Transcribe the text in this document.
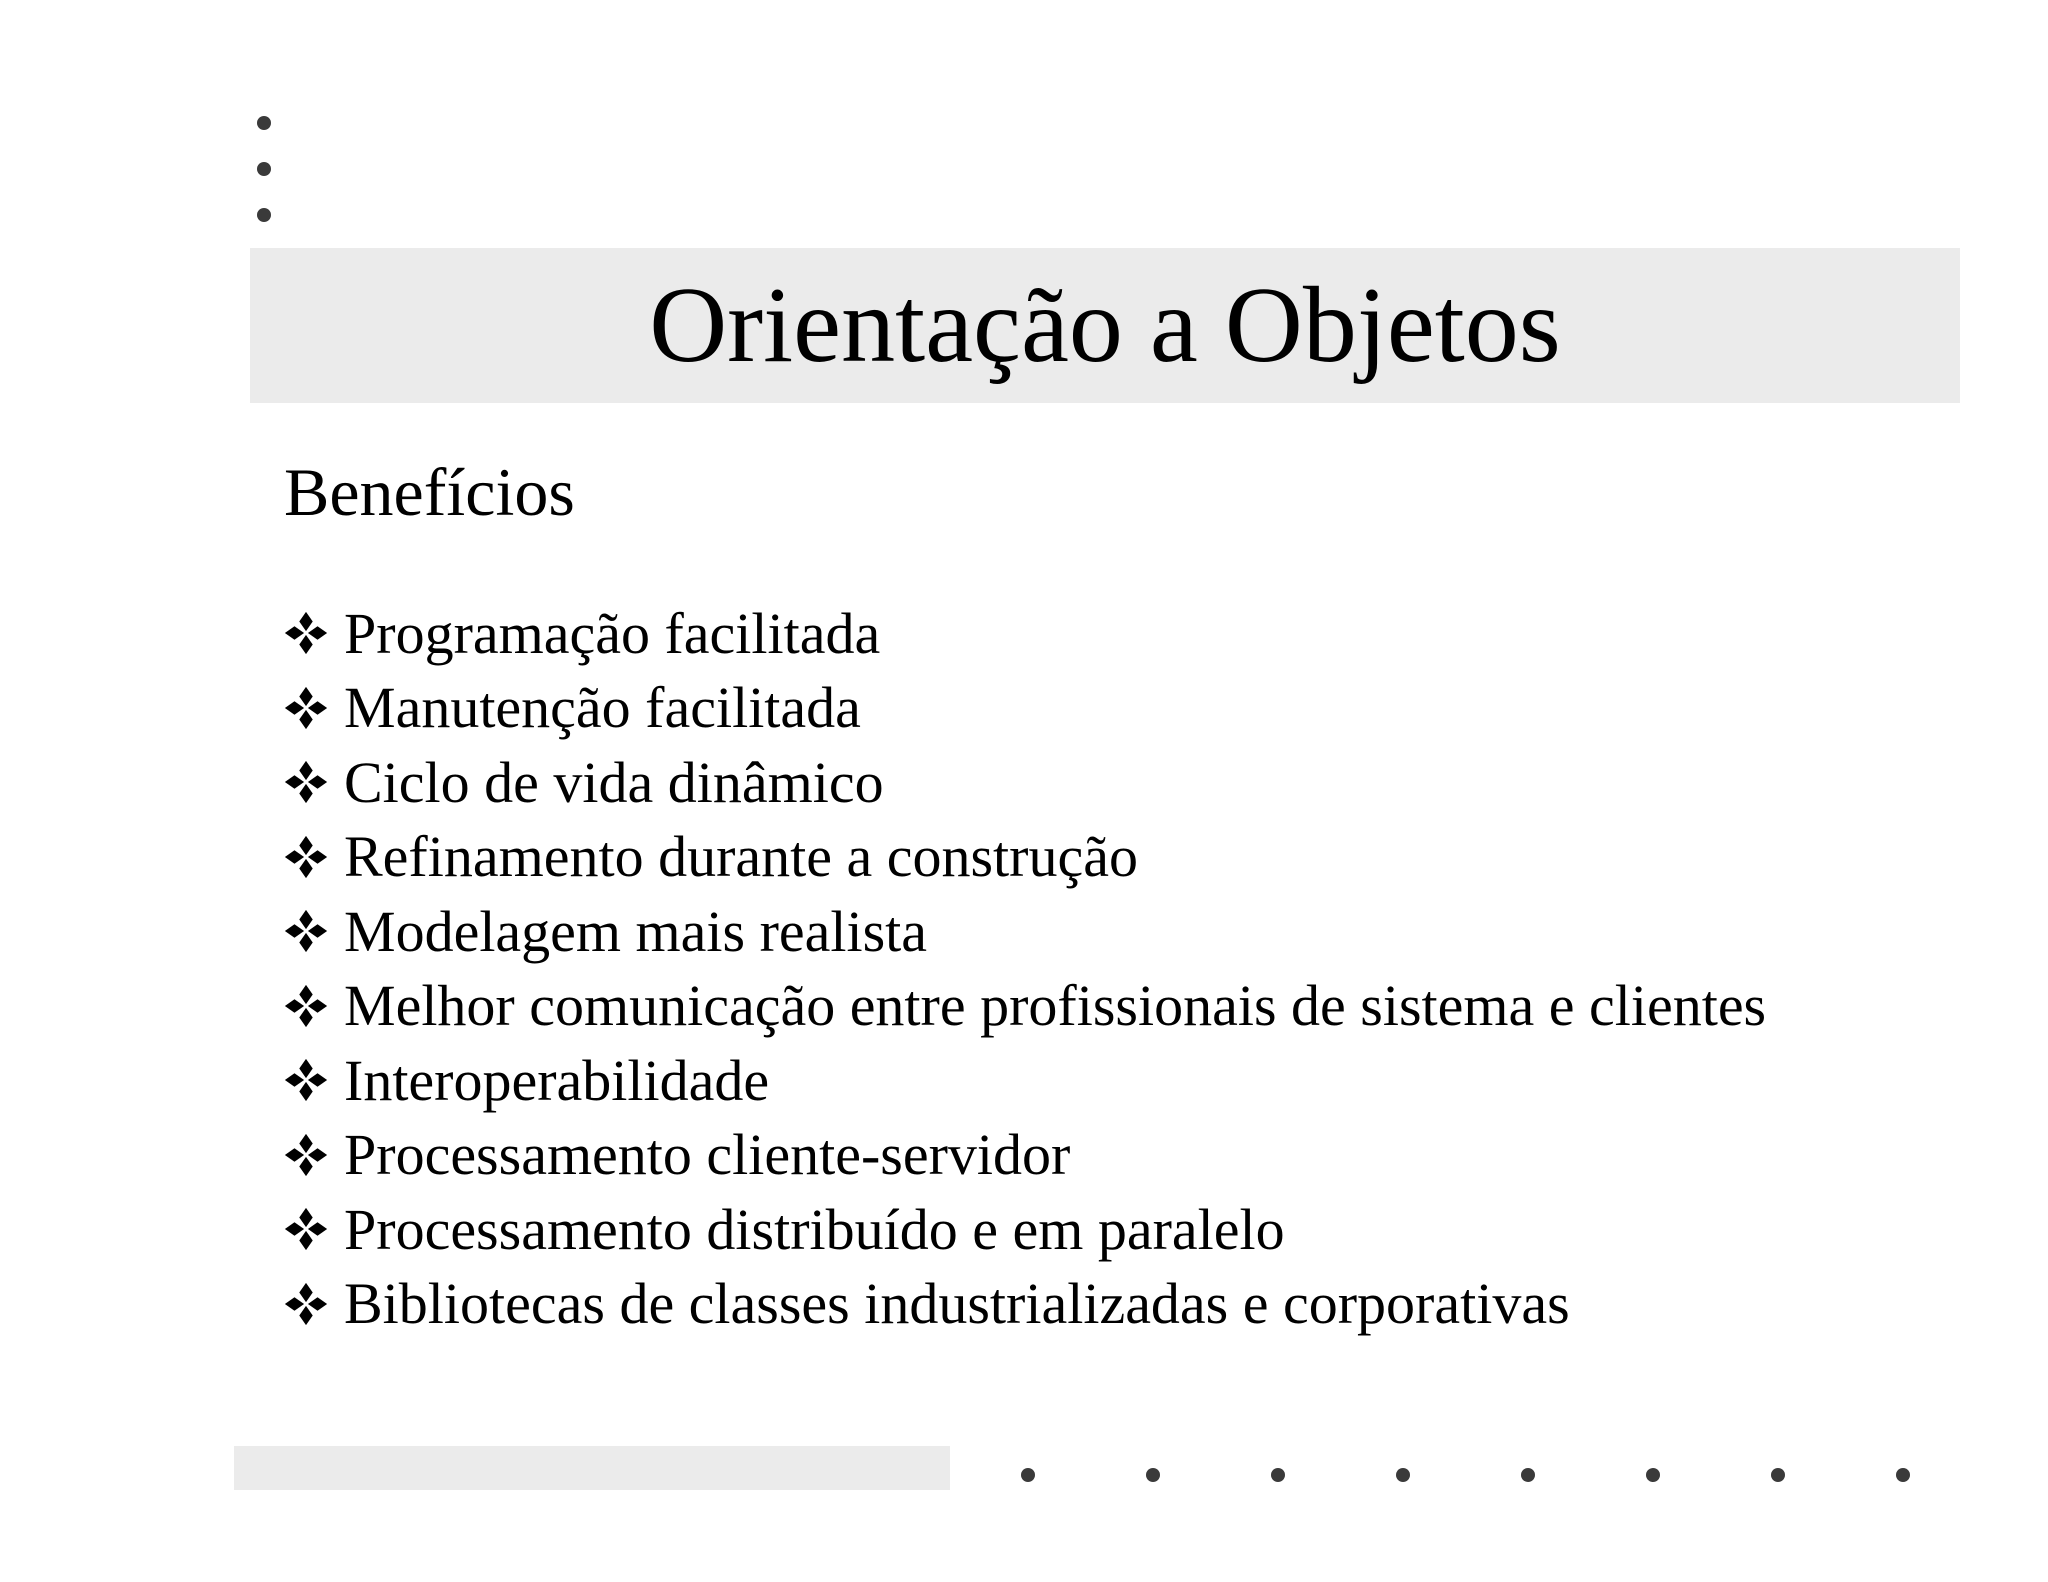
Orientação a Objetos
Benefícios
Programação facilitada
Manutenção facilitada
Ciclo de vida dinâmico
Refinamento durante a construção
Modelagem mais realista
Melhor comunicação entre profissionais de sistema e clientes
Interoperabilidade
Processamento cliente-servidor
Processamento distribuído e em paralelo
Bibliotecas de classes industrializadas e corporativas
